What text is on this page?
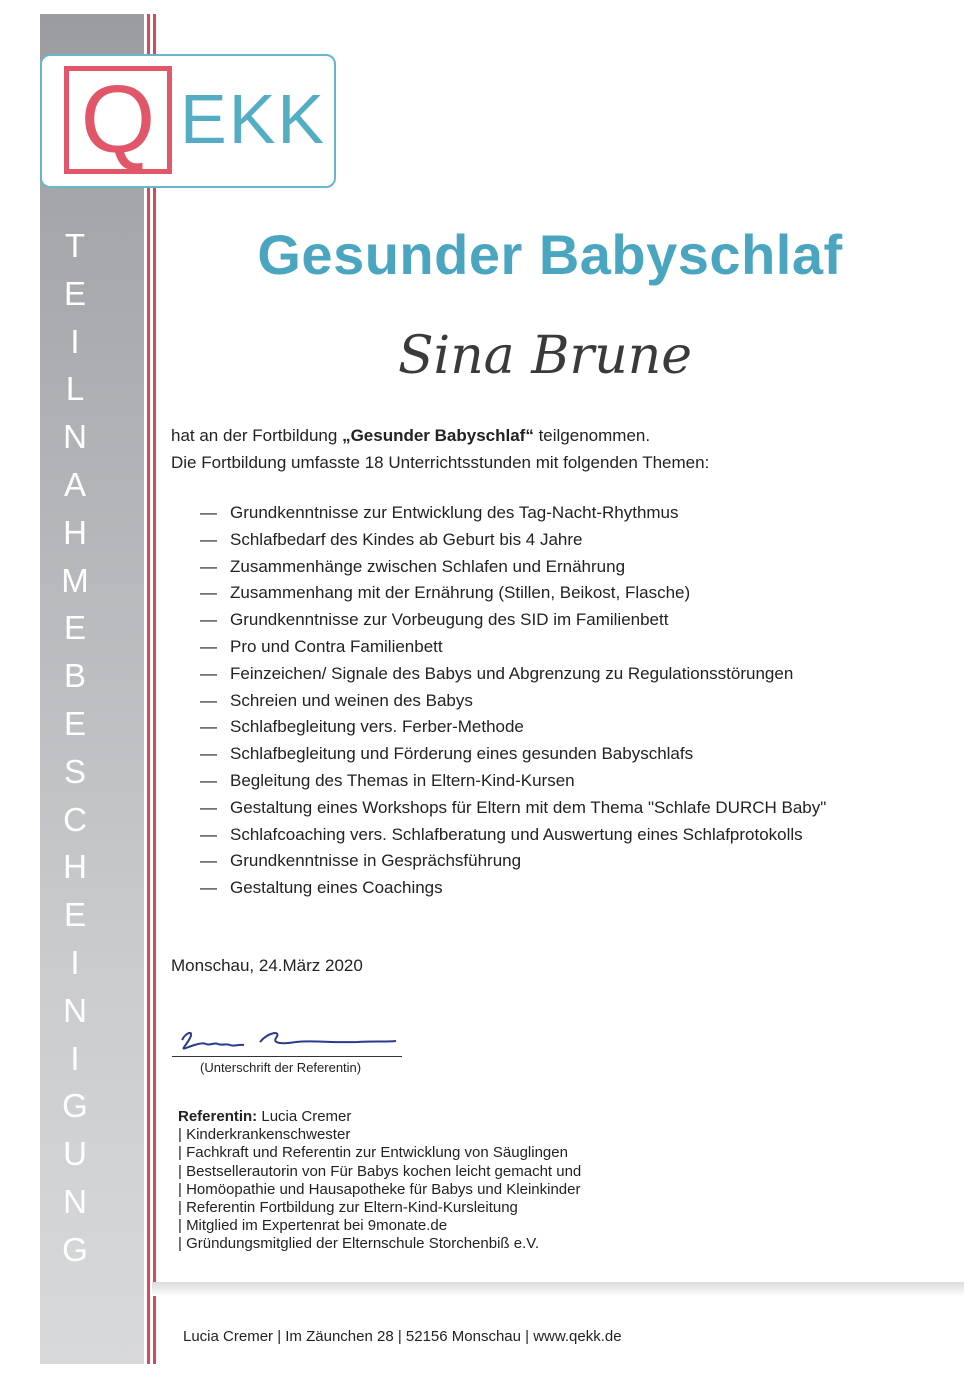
Q EKK
T
E
I
L
N
A
H
M
E
B
E
S
C
H
E
I
N
I
G
U
N
G
Gesunder Babyschlaf
Sina Brune

hat an der Fortbildung „Gesunder Babyschlaf“ teilgenommen.

Die Fortbildung umfasste 18 Unterrichtsstunden mit folgenden Themen:

— Grundkenntnisse zur Entwicklung des Tag-Nacht-Rhythmus
— Schlafbedarf des Kindes ab Geburt bis 4 Jahre
— Zusammenhänge zwischen Schlafen und Ernährung
— Zusammenhang mit der Ernährung (Stillen, Beikost, Flasche)
— Grundkenntnisse zur Vorbeugung des SID im Familienbett
— Pro und Contra Familienbett
— Feinzeichen/ Signale des Babys und Abgrenzung zu Regulationsstörungen
— Schreien und weinen des Babys
— Schlafbegleitung vers. Ferber-Methode
— Schlafbegleitung und Förderung eines gesunden Babyschlafs
— Begleitung des Themas in Eltern-Kind-Kursen
— Gestaltung eines Workshops für Eltern mit dem Thema "Schlafe DURCH Baby"
— Schlafcoaching vers. Schlafberatung und Auswertung eines Schlafprotokolls
— Grundkenntnisse in Gesprächsführung
— Gestaltung eines Coachings
Monschau, 24.März 2020
(Unterschrift der Referentin)
Referentin: Lucia Cremer
| Kinderkrankenschwester
| Fachkraft und Referentin zur Entwicklung von Säuglingen
| Bestsellerautorin von Für Babys kochen leicht gemacht und
| Homöopathie und Hausapotheke für Babys und Kleinkinder
| Referentin Fortbildung zur Eltern-Kind-Kursleitung
| Mitglied im Expertenrat bei 9monate.de
| Gründungsmitglied der Elternschule Storchenbiß e.V.
Lucia Cremer | Im Zäunchen 28 | 52156 Monschau | www.qekk.de
